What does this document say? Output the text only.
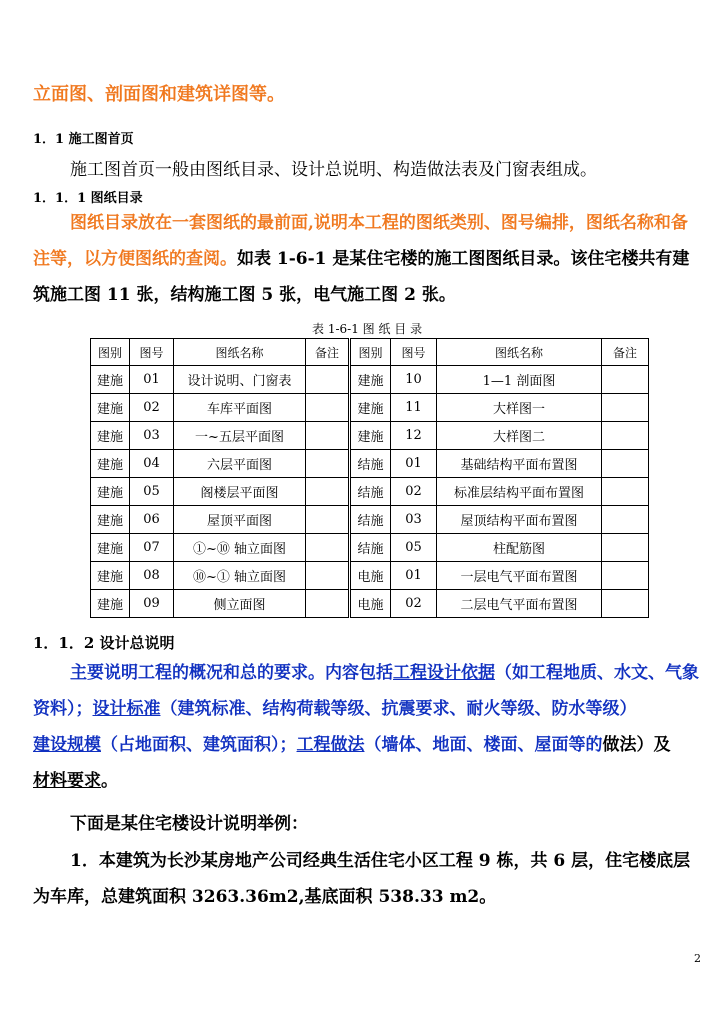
立面图、剖面图和建筑详图等。
1．1 施工图首页
施工图首页一般由图纸目录、设计总说明、构造做法表及门窗表组成。
1．1．1 图纸目录
图纸目录放在一套图纸的最前面,说明本工程的图纸类别、图号编排，图纸名称和备注等，以方便图纸的查阅。如表 1-6-1 是某住宅楼的施工图图纸目录。该住宅楼共有建筑施工图 11 张，结构施工图 5 张，电气施工图 2 张。
表 1-6-1 图 纸 目 录
图别	图号	图纸名称	备注	图别	图号	图纸名称	备注
建施	01	设计说明、门窗表		建施	10	1—1 剖面图	
建施	02	车库平面图		建施	11	大样图一	
建施	03	一~五层平面图		建施	12	大样图二	
建施	04	六层平面图		结施	01	基础结构平面布置图	
建施	05	阁楼层平面图		结施	02	标准层结构平面布置图	
建施	06	屋顶平面图		结施	03	屋顶结构平面布置图	
建施	07	①~⑩ 轴立面图		结施	05	柱配筋图	
建施	08	⑩~① 轴立面图		电施	01	一层电气平面布置图	
建施	09	侧立面图		电施	02	二层电气平面布置图	
1．1．2 设计总说明
主要说明工程的概况和总的要求。内容包括工程设计依据（如工程地质、水文、气象资料）；设计标准（建筑标准、结构荷载等级、抗震要求、耐火等级、防水等级）
建设规模（占地面积、建筑面积）；工程做法（墙体、地面、楼面、屋面等的做法）及
材料要求。
下面是某住宅楼设计说明举例：
1．本建筑为长沙某房地产公司经典生活住宅小区工程 9 栋，共 6 层，住宅楼底层为车库，总建筑面积 3263.36m2,基底面积 538.33 m2。
2
